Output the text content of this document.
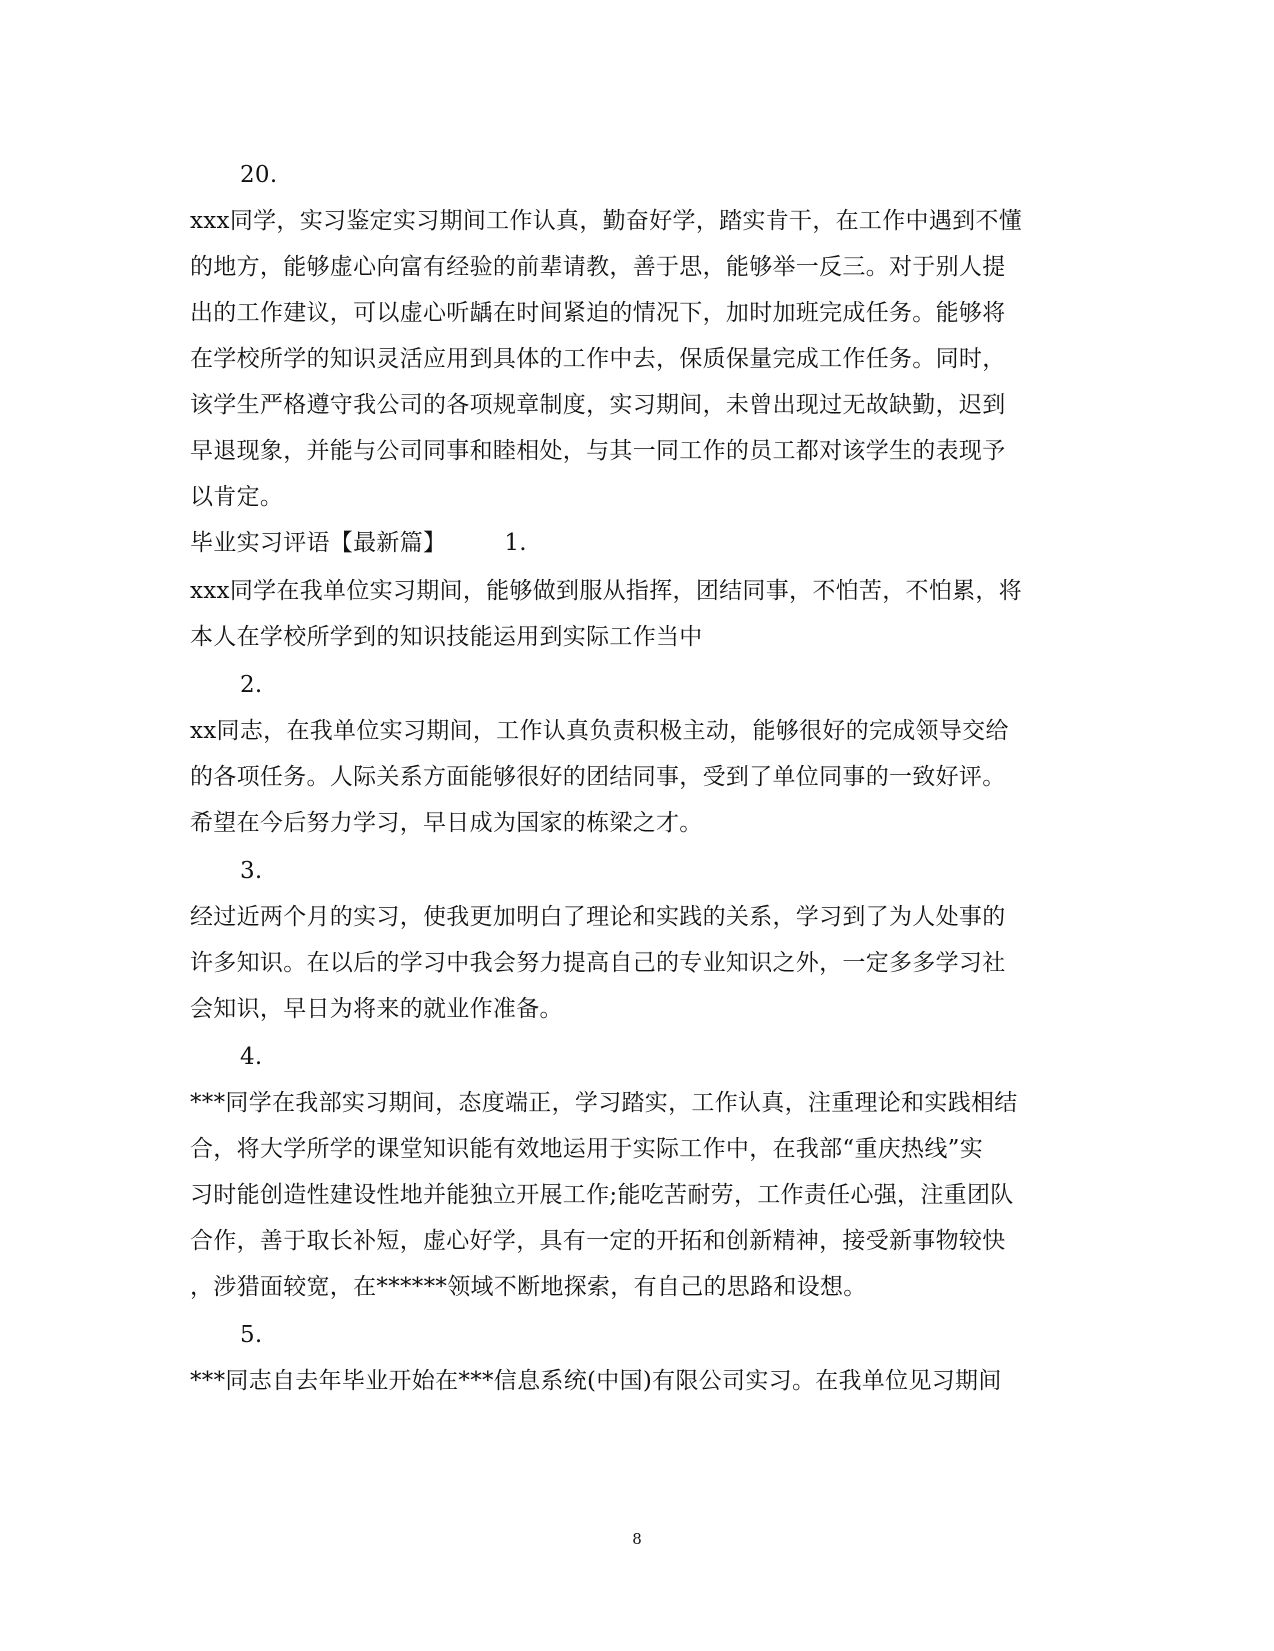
20.
xxx同学，实习鉴定实习期间工作认真，勤奋好学，踏实肯干，在工作中遇到不懂
的地方，能够虚心向富有经验的前辈请教，善于思，能够举一反三。对于别人提
出的工作建议，可以虚心听龋在时间紧迫的情况下，加时加班完成任务。能够将
在学校所学的知识灵活应用到具体的工作中去，保质保量完成工作任务。同时，
该学生严格遵守我公司的各项规章制度，实习期间，未曾出现过无故缺勤，迟到
早退现象，并能与公司同事和睦相处，与其一同工作的员工都对该学生的表现予
以肯定。
毕业实习评语【最新篇】	1.
xxx同学在我单位实习期间，能够做到服从指挥，团结同事，不怕苦，不怕累，将
本人在学校所学到的知识技能运用到实际工作当中
2.
xx同志，在我单位实习期间，工作认真负责积极主动，能够很好的完成领导交给
的各项任务。人际关系方面能够很好的团结同事，受到了单位同事的一致好评。
希望在今后努力学习，早日成为国家的栋梁之才。
3.
经过近两个月的实习，使我更加明白了理论和实践的关系，学习到了为人处事的
许多知识。在以后的学习中我会努力提高自己的专业知识之外，一定多多学习社
会知识，早日为将来的就业作准备。
4.
***同学在我部实习期间，态度端正，学习踏实，工作认真，注重理论和实践相结
合，将大学所学的课堂知识能有效地运用于实际工作中，在我部“重庆热线”实
习时能创造性建设性地并能独立开展工作;能吃苦耐劳，工作责任心强，注重团队
合作，善于取长补短，虚心好学，具有一定的开拓和创新精神，接受新事物较快
，涉猎面较宽，在******领域不断地探索，有自己的思路和设想。
5.
***同志自去年毕业开始在***信息系统(中国)有限公司实习。在我单位见习期间
8
